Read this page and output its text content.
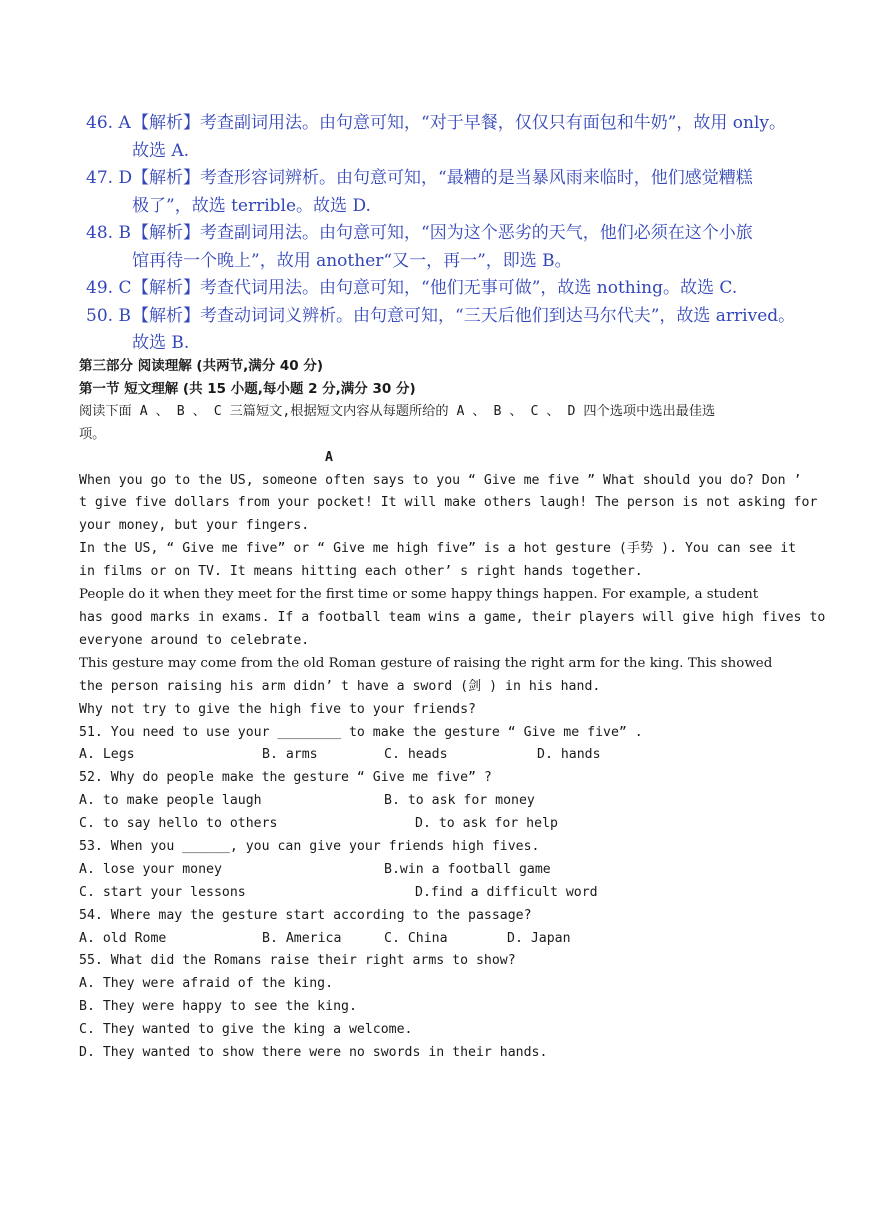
46. A 【解析】考查副词用法。由句意可知，“对于早餐，仅仅只有面包和牛奶”，故用 only。
故选 A.
47. D 【解析】考查形容词辨析。由句意可知，“最糟的是当暴风雨来临时，他们感觉糟糕
极了”，故选 terrible。故选 D.
48. B 【解析】考查副词用法。由句意可知，“因为这个恶劣的天气，他们必须在这个小旅
馆再待一个晚上”，故用 another“又一，再一”，即选 B。
49. C 【解析】考查代词用法。由句意可知，“他们无事可做”，故选 nothing。故选 C.
50. B 【解析】考查动词词义辨析。由句意可知，“三天后他们到达马尔代夫”，故选 arrived。
故选 B.
第三部分 阅读理解 (共两节,满分 40 分)
第一节 短文理解 (共 15 小题,每小题 2 分,满分 30 分)
阅读下面 A 、 B 、 C 三篇短文,根据短文内容从每题所给的 A 、 B 、 C 、 D 四个选项中选出最佳选
项。
A
When you go to the US, someone often says to you “ Give me five ” What should you do? Don ’
t give five dollars from your pocket! It will make others laugh! The person is not asking for
your money, but your fingers.
In the US, “ Give me five” or “ Give me high five” is a hot gesture (手势 ). You can see it
in films or on TV. It means hitting each other’ s right hands together.
People do it when they meet for the first time or some happy things happen. For example, a student
has good marks in exams. If a football team wins a game, their players will give high fives to
everyone around to celebrate.
This gesture may come from the old Roman gesture of raising the right arm for the king. This showed
the person raising his arm didn’ t have a sword (剑 ) in his hand.
Why not try to give the high five to your friends?
51. You need to use your ________ to make the gesture “ Give me five” .
A. Legs	B. arms	C. heads	D. hands
52. Why do people make the gesture “ Give me five” ?
A. to make people laugh	B. to ask for money
C. to say hello to others	D. to ask for help
53. When you ______, you can give your friends high fives.
A. lose your money	B.win a football game
C. start your lessons	D.find a difficult word
54. Where may the gesture start according to the passage?
A. old Rome	B. America	C. China	D. Japan
55. What did the Romans raise their right arms to show?
A. They were afraid of the king.
B. They were happy to see the king.
C. They wanted to give the king a welcome.
D. They wanted to show there were no swords in their hands.
